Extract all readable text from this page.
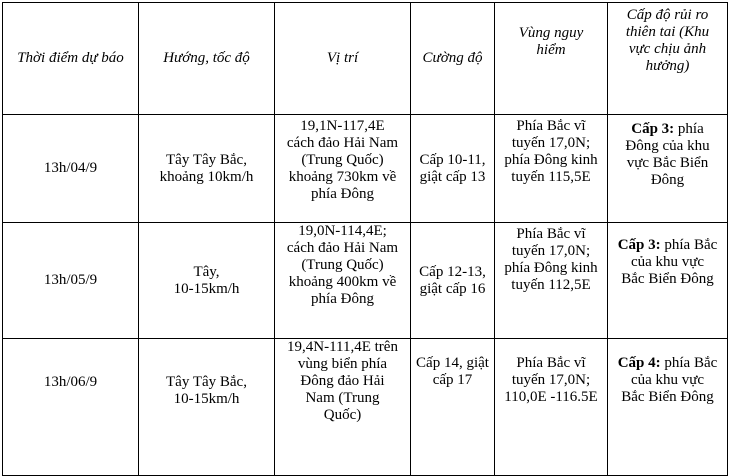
Thời điểm dự báo	Hướng, tốc độ	Vị trí	Cường độ	Vùng nguy
hiểm	Cấp độ rủi ro
thiên tai (Khu
vực chịu ảnh
hưởng)

13h/04/9	Tây Tây Bắc,
khoảng 10km/h	19,1N-117,4E
cách đảo Hải Nam
(Trung Quốc)
khoảng 730km về
phía Đông	Cấp 10-11,
giật cấp 13	Phía Bắc vĩ
tuyến 17,0N;
phía Đông kinh
tuyến 115,5E	Cấp 3: phía
Đông của khu
vực Bắc Biển
Đông

13h/05/9	Tây,
10-15km/h	19,0N-114,4E;
cách đảo Hải Nam
(Trung Quốc)
khoảng 400km về
phía Đông	Cấp 12-13,
giật cấp 16	Phía Bắc vĩ
tuyến 17,0N;
phía Đông kinh
tuyến 112,5E	Cấp 3: phía Bắc
của khu vực
Bắc Biển Đông

13h/06/9	Tây Tây Bắc,
10-15km/h	19,4N-111,4E trên
vùng biển phía
Đông đảo Hải
Nam (Trung
Quốc)	Cấp 14, giật
cấp 17	Phía Bắc vĩ
tuyến 17,0N;
110,0E -116.5E	Cấp 4: phía Bắc
của khu vực
Bắc Biển Đông
